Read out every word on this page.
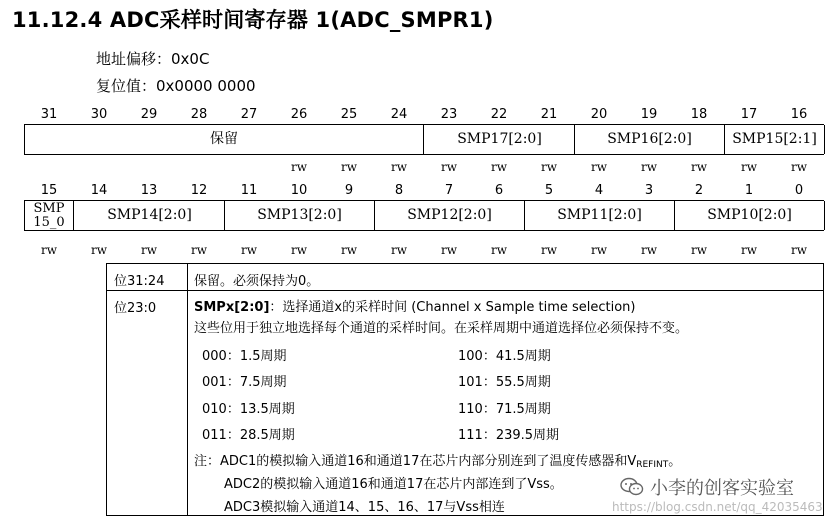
11.12.4 ADC采样时间寄存器 1(ADC_SMPR1)
地址偏移：0x0C
复位值：0x0000 0000
31	30	29	28	27	26	25	24	23	22	21	20	19	18	17	16
保留	SMP17[2:0]	SMP16[2:0]	SMP15[2:1]
rw	rw	rw	rw	rw	rw	rw	rw	rw	rw	rw
15	14	13	12	11	10	9	8	7	6	5	4	3	2	1	0
SMP 15_0	SMP14[2:0]	SMP13[2:0]	SMP12[2:0]	SMP11[2:0]	SMP10[2:0]
rw	rw	rw	rw	rw	rw	rw	rw	rw	rw	rw	rw	rw	rw	rw	rw
位31:24	保留。必须保持为0。
位23:0	SMPx[2:0]：选择通道x的采样时间 (Channel x Sample time selection)
这些位用于独立地选择每个通道的采样时间。在采样周期中通道选择位必须保持不变。
000：1.5周期	100：41.5周期
001：7.5周期	101：55.5周期
010：13.5周期	110：71.5周期
011：28.5周期	111：239.5周期
注：ADC1的模拟输入通道16和通道17在芯片内部分别连到了温度传感器和$V_{REFINT}$。
ADC2的模拟输入通道16和通道17在芯片内部连到了Vss。
ADC3模拟输入通道14、15、16、17与Vss相连
小李的创客实验室
https://blog.csdn.net/qq_42035463
